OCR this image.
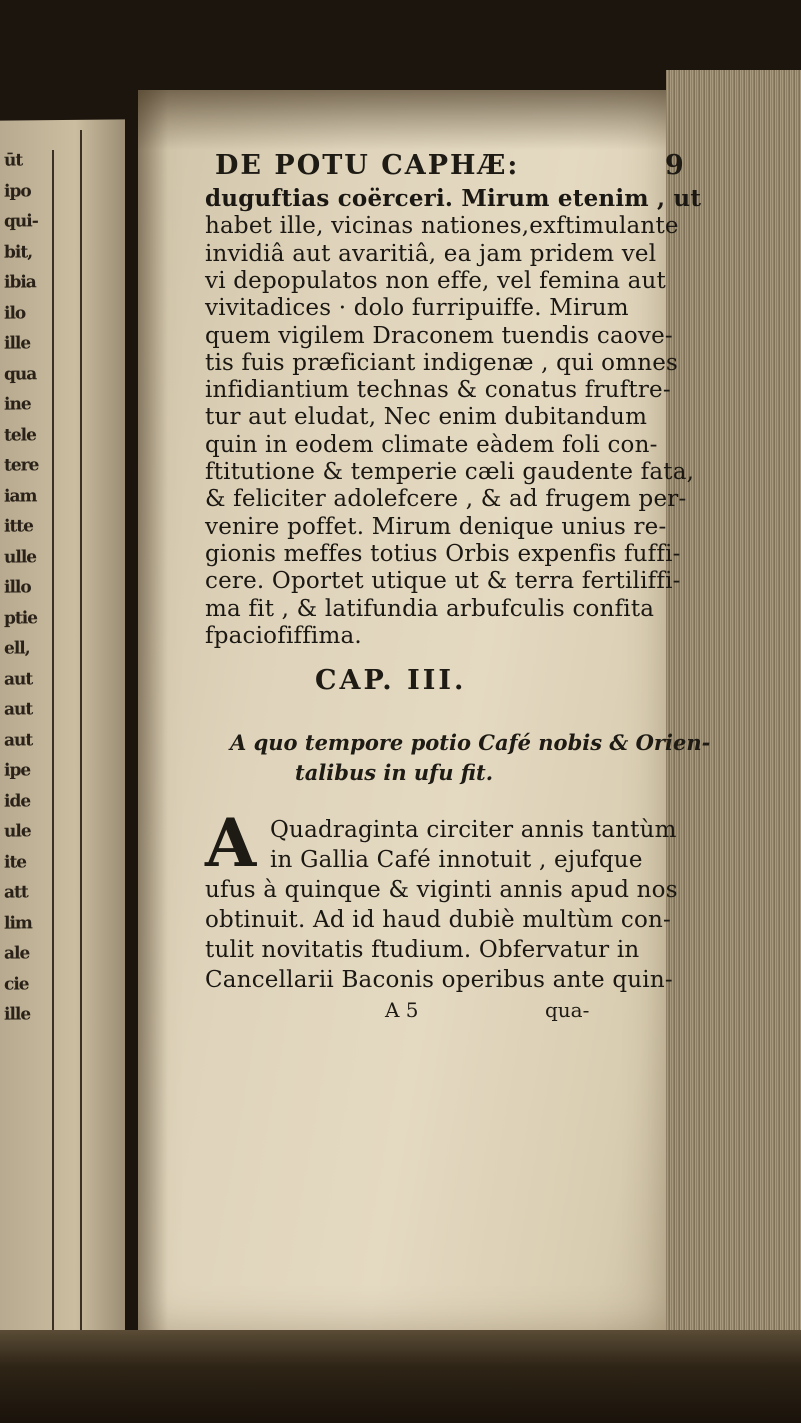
ūt
ipo
qui-
bit,
ibia
ilo
ille
qua
ine
tele
tere
iam
itte
ulle
illo
ptie
ell,
aut
aut
aut
ipe
ide
ule
ite
att
lim
ale
cie
ille
DE POTU CAPHÆ:	9
duguftias coërceri. Mirum etenim , ut
habet ille, vicinas nationes,exftimulante
invidiâ aut avaritiâ, ea jam pridem vel
vi depopulatos non effe, vel femina aut
vivitadices · dolo furripuiffe. Mirum
quem vigilem Draconem tuendis caove-
tis fuis præficiant indigenæ , qui omnes
infidiantium technas & conatus fruftre-
tur aut eludat, Nec enim dubitandum
quin in eodem climate eàdem foli con-
ftitutione & temperie cæli gaudente fata,
& feliciter adolefcere , & ad frugem per-
venire poffet. Mirum denique unius re-
gionis meffes totius Orbis expenfis fuffi-
cere. Oportet utique ut & terra fertiliffi-
ma fit , & latifundia arbufculis confita
fpaciofiffima.
CAP. III.
A quo tempore potio Café nobis & Orien-
talibus in ufu fit.
A Quadraginta circiter annis tantùm
in Gallia Café innotuit , ejufque
ufus à quinque & viginti annis apud nos
obtinuit. Ad id haud dubiè multùm con-
tulit novitatis ftudium. Obfervatur in
Cancellarii Baconis operibus ante quin-
A 5	qua-
